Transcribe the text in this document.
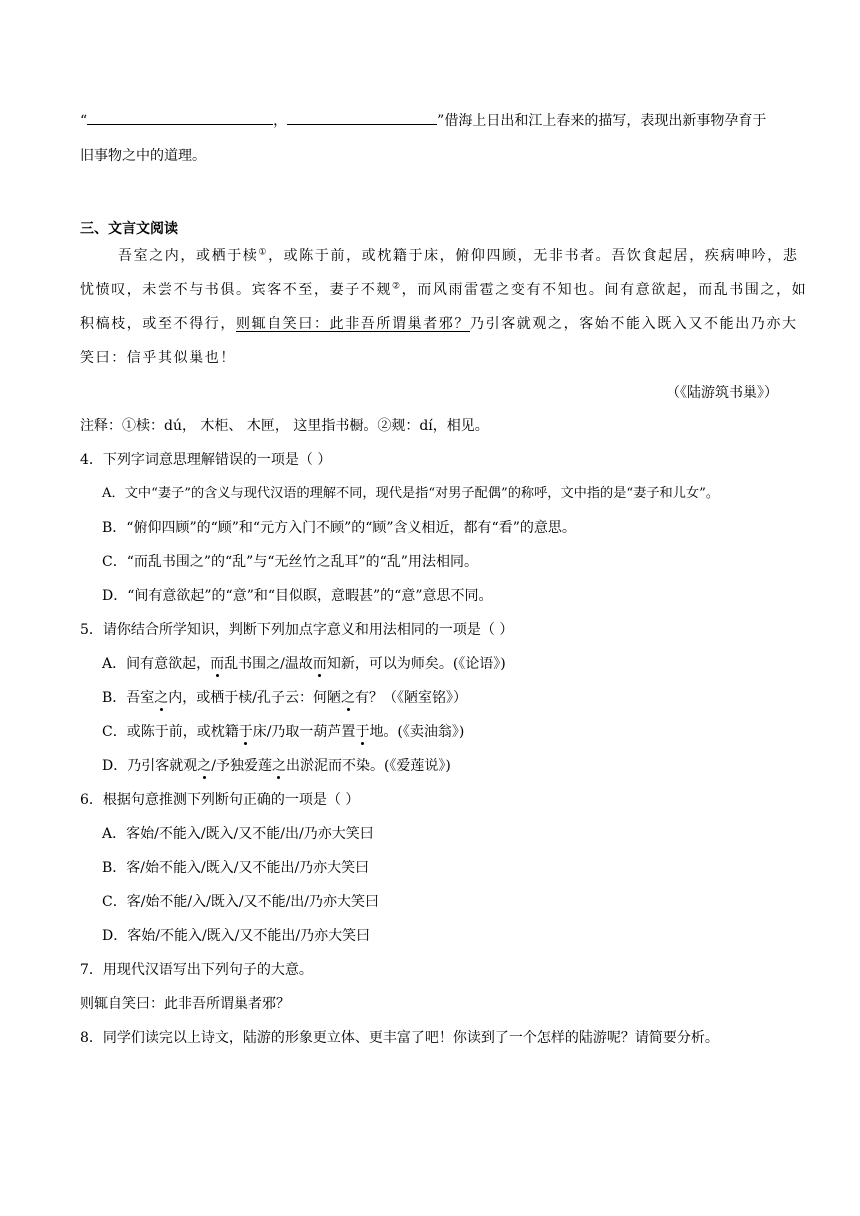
“	，	”借海上日出和江上春来的描写，表现出新事物孕育于
旧事物之中的道理。
三、文言文阅读
吾室之内，或栖于椟①，或陈于前，或枕籍于床，俯仰四顾，无非书者。吾饮食起居，疾病呻吟，悲
忧愤叹，未尝不与书俱。宾客不至，妻子不觌②，而风雨雷雹之变有不知也。间有意欲起，而乱书围之，如
积槁枝，或至不得行，则辄自笑曰：此非吾所谓巢者邪？乃引客就观之，客始不能入既入又不能出乃亦大
笑曰：信乎其似巢也！
（《陆游筑书巢》）
注释：①椟：dú， 木柜、 木匣， 这里指书橱。②觌：dí，相见。
4．下列字词意思理解错误的一项是（ ）
A．文中“妻子”的含义与现代汉语的理解不同，现代是指“对男子配偶”的称呼，文中指的是“妻子和儿女”。
B．“俯仰四顾”的“顾”和“元方入门不顾”的“顾”含义相近，都有“看”的意思。
C．“而乱书围之”的“乱”与“无丝竹之乱耳”的“乱”用法相同。
D．“间有意欲起”的“意”和“目似瞑，意暇甚”的“意”意思不同。
5．请你结合所学知识，判断下列加点字意义和用法相同的一项是（ ）
A．间有意欲起，而乱书围之/温故而知新，可以为师矣。(《论语》)
B．吾室之内，或栖于椟/孔子云：何陋之有？（《陋室铭》）
C．或陈于前，或枕籍于床/乃取一葫芦置于地。(《卖油翁》)
D．乃引客就观之/予独爱莲之出淤泥而不染。(《爱莲说》)
6．根据句意推测下列断句正确的一项是（ ）
A．客始/不能入/既入/又不能/出/乃亦大笑曰
B．客/始不能入/既入/又不能出/乃亦大笑曰
C．客/始不能/入/既入/又不能/出/乃亦大笑曰
D．客始/不能入/既入/又不能出/乃亦大笑曰
7．用现代汉语写出下列句子的大意。
则辄自笑曰：此非吾所谓巢者邪？
8．同学们读完以上诗文，陆游的形象更立体、更丰富了吧！你读到了一个怎样的陆游呢？请简要分析。
